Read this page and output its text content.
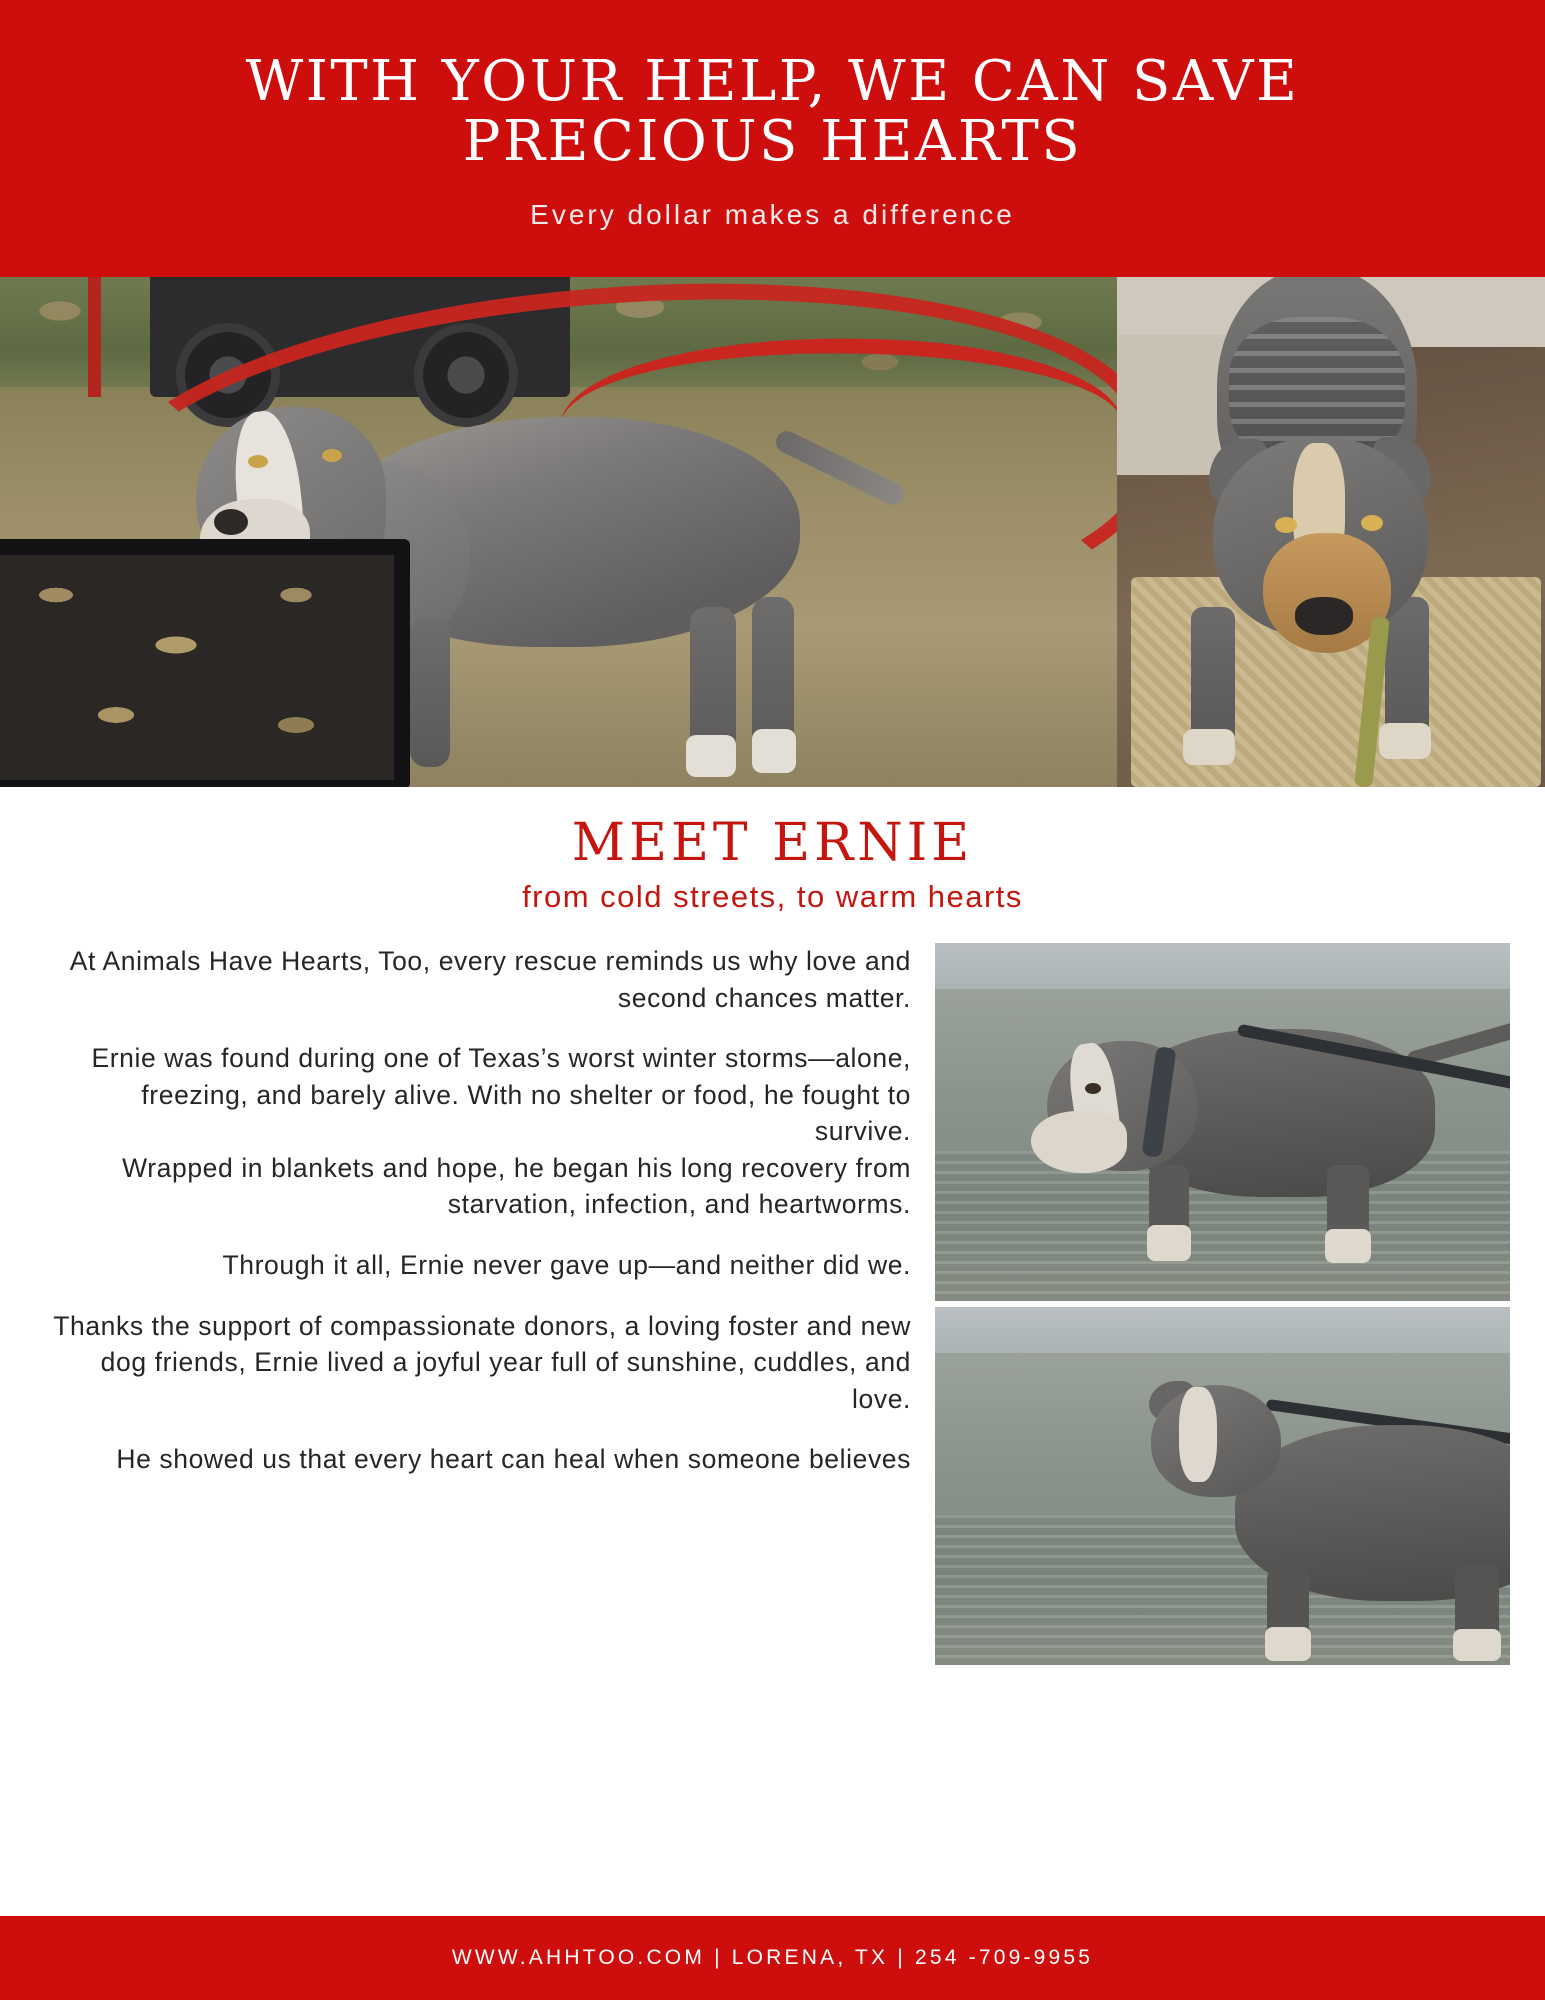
WITH YOUR HELP, WE CAN SAVE PRECIOUS HEARTS
Every dollar makes a difference
MEET ERNIE
from cold streets, to warm hearts

At Animals Have Hearts, Too, every rescue reminds us why love and second chances matter.

Ernie was found during one of Texas’s worst winter storms—alone, freezing, and barely alive. With no shelter or food, he fought to survive.

Wrapped in blankets and hope, he began his long recovery from starvation, infection, and heartworms.

Through it all, Ernie never gave up—and neither did we.

Thanks the support of compassionate donors, a loving foster and new dog friends, Ernie lived a joyful year full of sunshine, cuddles, and love.

He showed us that every heart can heal when someone believes

WWW.AHHTOO.COM | LORENA, TX | 254 -709-9955
